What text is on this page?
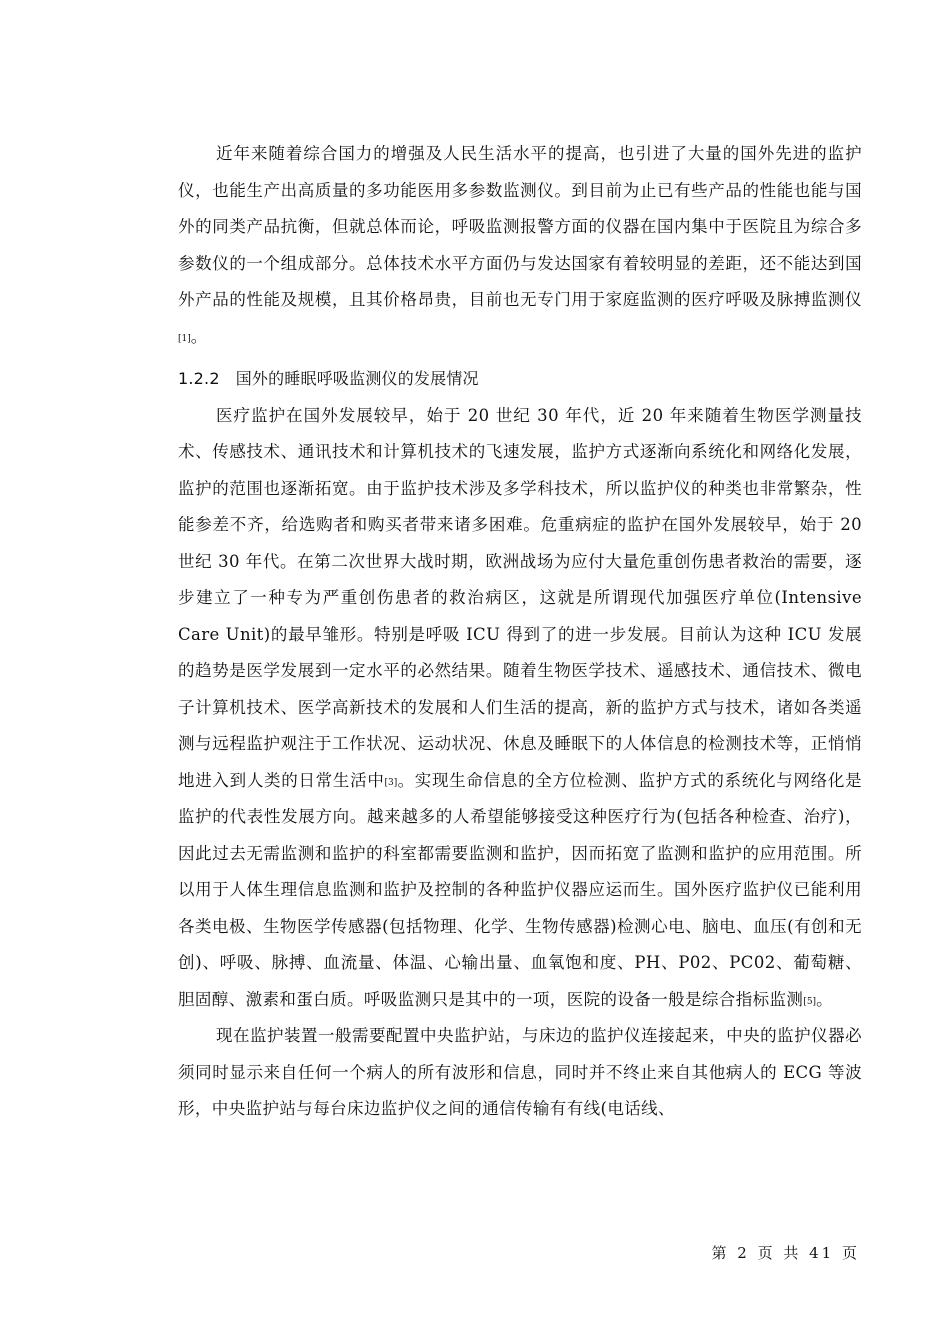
近年来随着综合国力的增强及人民生活水平的提高，也引进了大量的国外先进的监护仪，也能生产出高质量的多功能医用多参数监测仪。到目前为止已有些产品的性能也能与国外的同类产品抗衡，但就总体而论，呼吸监测报警方面的仪器在国内集中于医院且为综合多参数仪的一个组成部分。总体技术水平方面仍与发达国家有着较明显的差距，还不能达到国外产品的性能及规模，且其价格昂贵，目前也无专门用于家庭监测的医疗呼吸及脉搏监测仪[1]。

1.2.2 国外的睡眠呼吸监测仪的发展情况

医疗监护在国外发展较早，始于 20 世纪 30 年代，近 20 年来随着生物医学测量技术、传感技术、通讯技术和计算机技术的飞速发展，监护方式逐渐向系统化和网络化发展，监护的范围也逐渐拓宽。由于监护技术涉及多学科技术，所以监护仪的种类也非常繁杂，性能参差不齐，给选购者和购买者带来诸多困难。危重病症的监护在国外发展较早，始于 20 世纪 30 年代。在第二次世界大战时期，欧洲战场为应付大量危重创伤患者救治的需要，逐步建立了一种专为严重创伤患者的救治病区，这就是所谓现代加强医疗单位(Intensive Care Unit)的最早雏形。特别是呼吸 ICU 得到了的进一步发展。目前认为这种 ICU 发展的趋势是医学发展到一定水平的必然结果。随着生物医学技术、遥感技术、通信技术、微电子计算机技术、医学高新技术的发展和人们生活的提高，新的监护方式与技术，诸如各类遥测与远程监护观注于工作状况、运动状况、休息及睡眠下的人体信息的检测技术等，正悄悄地进入到人类的日常生活中[3]。实现生命信息的全方位检测、监护方式的系统化与网络化是监护的代表性发展方向。越来越多的人希望能够接受这种医疗行为(包括各种检查、治疗)，因此过去无需监测和监护的科室都需要监测和监护，因而拓宽了监测和监护的应用范围。所以用于人体生理信息监测和监护及控制的各种监护仪器应运而生。国外医疗监护仪已能利用各类电极、生物医学传感器(包括物理、化学、生物传感器)检测心电、脑电、血压(有创和无创)、呼吸、脉搏、血流量、体温、心输出量、血氧饱和度、PH、P02、PC02、葡萄糖、胆固醇、激素和蛋白质。呼吸监测只是其中的一项，医院的设备一般是综合指标监测[5]。

现在监护装置一般需要配置中央监护站，与床边的监护仪连接起来，中央的监护仪器必须同时显示来自任何一个病人的所有波形和信息，同时并不终止来自其他病人的 ECG 等波形，中央监护站与每台床边监护仪之间的通信传输有有线(电话线、

第 2 页 共 41 页
